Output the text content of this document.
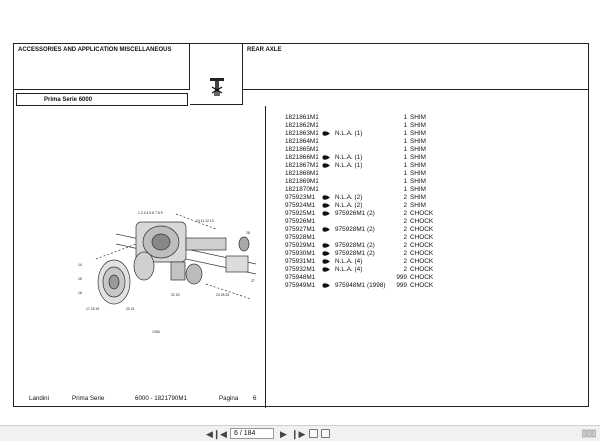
ACCESSORIES AND APPLICATION MISCELLANEOUS	REAR AXLE
Prima Serie 6000
1 2 3 4 5 6 7 8 9
10 11 12 13
14
15
16
17 18 19	20 21
22 23	24 25 26
27
28
1386
1821861M1	1 SHIM
1821862M1	1 SHIM
1821863M1	N.L.A. (1)	1 SHIM
1821864M1	1 SHIM
1821865M1	1 SHIM
1821866M1	N.L.A. (1)	1 SHIM
1821867M1	N.L.A. (1)	1 SHIM
1821868M1	1 SHIM
1821869M1	1 SHIM
1821870M1	1 SHIM
975923M1	N.L.A. (2)	2 SHIM
975924M1	N.L.A. (2)	2 SHIM
975925M1	975926M1 (2)	2 CHOCK
975926M1	2 CHOCK
975927M1	975928M1 (2)	2 CHOCK
975928M1	2 CHOCK
975929M1	975928M1 (2)	2 CHOCK
975930M1	975928M1 (2)	2 CHOCK
975931M1	N.L.A. (4)	2 CHOCK
975932M1	N.L.A. (4)	2 CHOCK
975948M1	999 CHOCK
975949M1	975948M1 (1998)	999 CHOCK
Landini	Prima Serie	6000 - 1821790M1	Pagina 6
◀❙ ◀	6 / 184	▶ ❙▶
